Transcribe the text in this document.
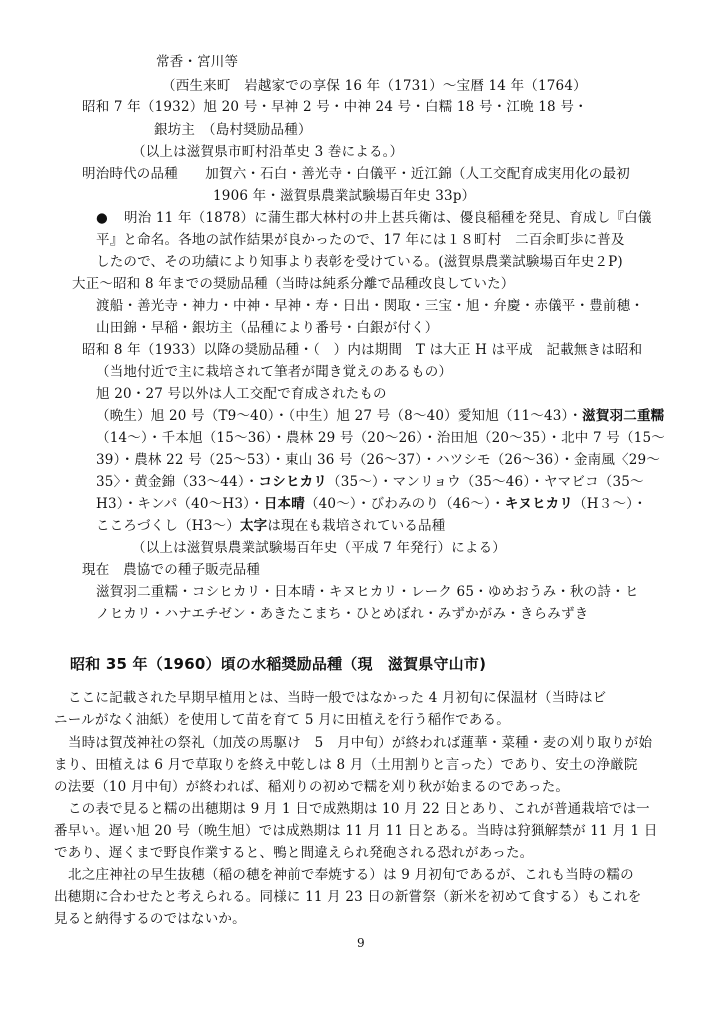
常香・宮川等
（西生来町　岩越家での享保 16 年（1731）～宝暦 14 年（1764）
昭和 7 年（1932）旭 20 号・早神 2 号・中神 24 号・白糯 18 号・江晩 18 号・
銀坊主　（島村奨励品種）
（以上は滋賀県市町村沿革史 3 巻による。）
明治時代の品種　　加賀六・石白・善光寺・白儀平・近江錦（人工交配育成実用化の最初
1906 年・滋賀県農業試験場百年史 33p）
● 明治 11 年（1878）に蒲生郡大林村の井上甚兵衛は、優良稲種を発見、育成し『白儀
平』と命名。各地の試作結果が良かったので、17 年には１８町村　二百余町歩に普及
したので、その功績により知事より表彰を受けている。(滋賀県農業試験場百年史２P)
大正～昭和 8 年までの奨励品種（当時は純系分離で品種改良していた）
渡船・善光寺・神力・中神・早神・寿・日出・関取・三宝・旭・弁慶・赤儀平・豊前穂・
山田錦・早稲・銀坊主（品種により番号・白銀が付く）
昭和 8 年（1933）以降の奨励品種・（　）内は期間　T は大正 H は平成　記載無きは昭和
（当地付近で主に栽培されて筆者が聞き覚えのあるもの）
旭 20・27 号以外は人工交配で育成されたもの
（晩生）旭 20 号（T9～40）・（中生）旭 27 号（8～40）愛知旭（11～43）・滋賀羽二重糯
（14～）・千本旭（15～36）・農林 29 号（20～26）・治田旭（20～35）・北中 7 号（15～
39）・農林 22 号（25～53）・東山 36 号（26～37）・ハツシモ（26～36）・金南風〈29～
35〉・黄金錦（33～44）・コシヒカリ（35～）・マンリョウ（35～46）・ヤマビコ（35～
H3）・キンパ（40～H3）・日本晴（40～）・びわみのり（46～）・キヌヒカリ（H３～）・
こころづくし（H3～）太字は現在も栽培されている品種
（以上は滋賀県農業試験場百年史（平成 7 年発行）による）
現在　農協での種子販売品種
滋賀羽二重糯・コシヒカリ・日本晴・キヌヒカリ・レーク 65・ゆめおうみ・秋の詩・ヒ
ノヒカリ・ハナエチゼン・あきたこまち・ひとめぼれ・みずかがみ・きらみずき
昭和 35 年（1960）頃の水稲奨励品種（現　滋賀県守山市)
ここに記載された早期早植用とは、当時一般ではなかった 4 月初旬に保温材（当時はビ
ニールがなく油紙）を使用して苗を育て 5 月に田植えを行う稲作である。
当時は賀茂神社の祭礼（加茂の馬駆け　5　月中旬）が終われば蓮華・菜種・麦の刈り取りが始
まり、田植えは 6 月で草取りを終え中乾しは 8 月（土用割りと言った）であり、安土の浄厳院
の法要（10 月中旬）が終われば、稲刈りの初めで糯を刈り秋が始まるのであった。
この表で見ると糯の出穂期は 9 月 1 日で成熟期は 10 月 22 日とあり、これが普通栽培では一
番早い。遅い旭 20 号（晩生旭）では成熟期は 11 月 11 日とある。当時は狩猟解禁が 11 月 1 日
であり、遅くまで野良作業すると、鴨と間違えられ発砲される恐れがあった。
北之庄神社の早生抜穂（稲の穂を神前で奉焼する）は 9 月初旬であるが、これも当時の糯の
出穂期に合わせたと考えられる。同様に 11 月 23 日の新嘗祭（新米を初めて食する）もこれを
見ると納得するのではないか。
9
